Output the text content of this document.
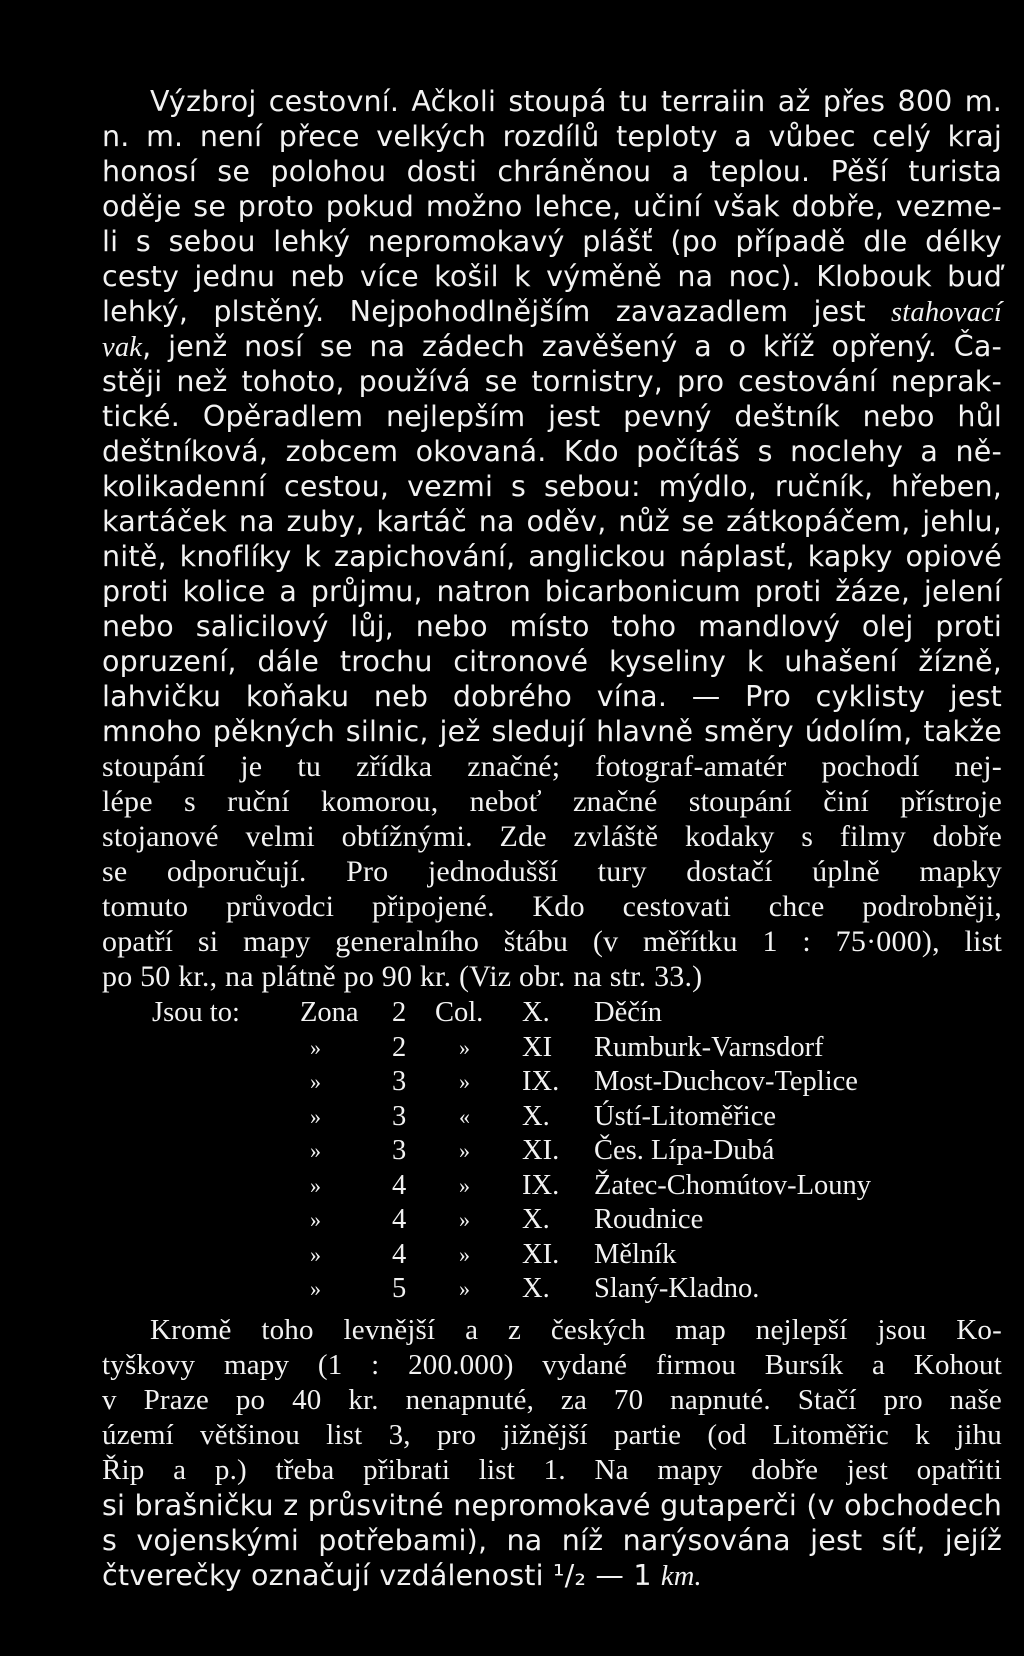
Výzbroj cestovní. Ačkoli stoupá tu terraiin až přes 800 m.
n. m. není přece velkých rozdílů teploty a vůbec celý kraj
honosí se polohou dosti chráněnou a teplou. Pěší turista
oděje se proto pokud možno lehce, učiní však dobře, vezme-
li s sebou lehký nepromokavý plášť (po případě dle délky
cesty jednu neb více košil k výměně na noc). Klobouk buď
lehký, plstěný. Nejpohodlnějším zavazadlem jest stahovací
vak, jenž nosí se na zádech zavěšený a o kříž opřený. Ča-
stěji než tohoto, používá se tornistry, pro cestování neprak-
tické. Opěradlem nejlepším jest pevný deštník nebo hůl
deštníková, zobcem okovaná. Kdo počítáš s noclehy a ně-
kolikadenní cestou, vezmi s sebou: mýdlo, ručník, hřeben,
kartáček na zuby, kartáč na oděv, nůž se zátkopáčem, jehlu,
nitě, knoflíky k zapichování, anglickou náplasť, kapky opiové
proti kolice a průjmu, natron bicarbonicum proti žáze, jelení
nebo salicilový lůj, nebo místo toho mandlový olej proti
opruzení, dále trochu citronové kyseliny k uhašení žízně,
lahvičku koňaku neb dobrého vína. — Pro cyklisty jest
mnoho pěkných silnic, jež sledují hlavně směry údolím, takže
stoupání je tu zřídka značné; fotograf-amatér pochodí nej-
lépe s ruční komorou, neboť značné stoupání činí přístroje
stojanové velmi obtížnými. Zde zvláště kodaky s filmy dobře
se odporučují. Pro jednodušší tury dostačí úplně mapky
tomuto průvodci připojené. Kdo cestovati chce podrobněji,
opatří si mapy generalního štábu (v měřítku 1 : 75·000), list
po 50 kr., na plátně po 90 kr. (Viz obr. na str. 33.)
Jsou to: Zona 2 Col. X. Děčín
» 2 » XI Rumburk-Varnsdorf
» 3 » IX. Most-Duchcov-Teplice
» 3 « X. Ústí-Litoměřice
» 3 » XI. Čes. Lípa-Dubá
» 4 » IX. Žatec-Chomútov-Louny
» 4 » X. Roudnice
» 4 » XI. Mělník
» 5 » X. Slaný-Kladno.
Kromě toho levnější a z českých map nejlepší jsou Ko-
tyškovy mapy (1 : 200.000) vydané firmou Bursík a Kohout
v Praze po 40 kr. nenapnuté, za 70 napnuté. Stačí pro naše
území většinou list 3, pro jižnější partie (od Litoměřic k jihu
Řip a p.) třeba přibrati list 1. Na mapy dobře jest opatřiti
si brašničku z průsvitné nepromokavé gutaperči (v obchodech
s vojenskými potřebami), na níž narýsována jest síť, jejíž
čtverečky označují vzdálenosti ¹/₂ — 1 km.
